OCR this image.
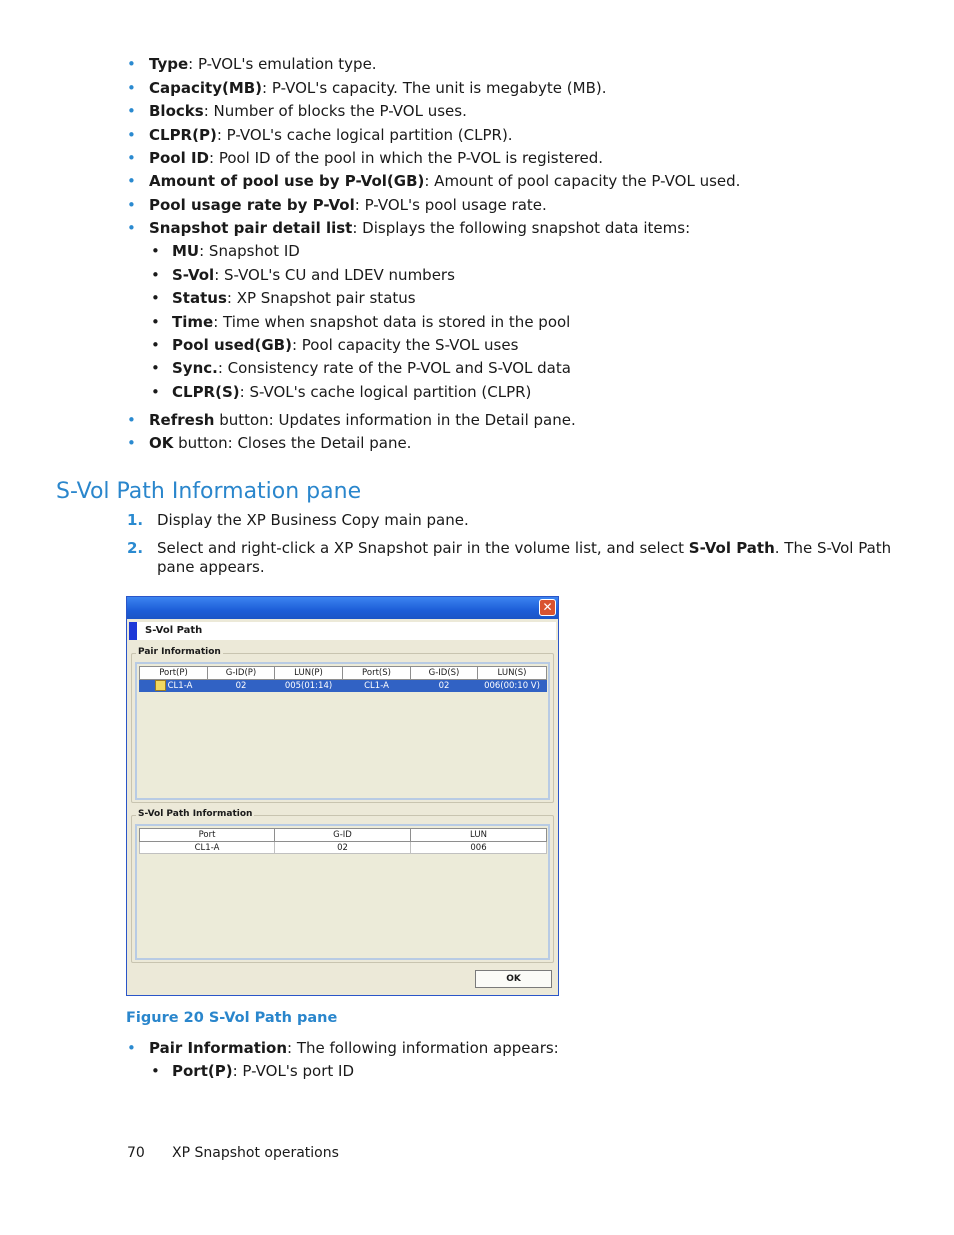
• Type: P-VOL's emulation type.
• Capacity(MB): P-VOL's capacity. The unit is megabyte (MB).
• Blocks: Number of blocks the P-VOL uses.
• CLPR(P): P-VOL's cache logical partition (CLPR).
• Pool ID: Pool ID of the pool in which the P-VOL is registered.
• Amount of pool use by P-Vol(GB): Amount of pool capacity the P-VOL used.
• Pool usage rate by P-Vol: P-VOL's pool usage rate.
• Snapshot pair detail list: Displays the following snapshot data items:
• MU: Snapshot ID
• S-Vol: S-VOL's CU and LDEV numbers
• Status: XP Snapshot pair status
• Time: Time when snapshot data is stored in the pool
• Pool used(GB): Pool capacity the S-VOL uses
• Sync.: Consistency rate of the P-VOL and S-VOL data
• CLPR(S): S-VOL's cache logical partition (CLPR)
• Refresh button: Updates information in the Detail pane.
• OK button: Closes the Detail pane.
S-Vol Path Information pane
1. Display the XP Business Copy main pane.
2. Select and right-click a XP Snapshot pair in the volume list, and select S-Vol Path. The S-Vol Path
pane appears.
✕
S-Vol Path
Pair Information
Port(P)	G-ID(P)	LUN(P)	Port(S)	G-ID(S)	LUN(S)
CL1-A	02	005(01:14)	CL1-A	02	006(00:10 V)
S-Vol Path Information
Port	G-ID	LUN
CL1-A	02	006
OK
Figure 20 S-Vol Path pane
• Pair Information: The following information appears:
• Port(P): P-VOL's port ID
70 XP Snapshot operations
